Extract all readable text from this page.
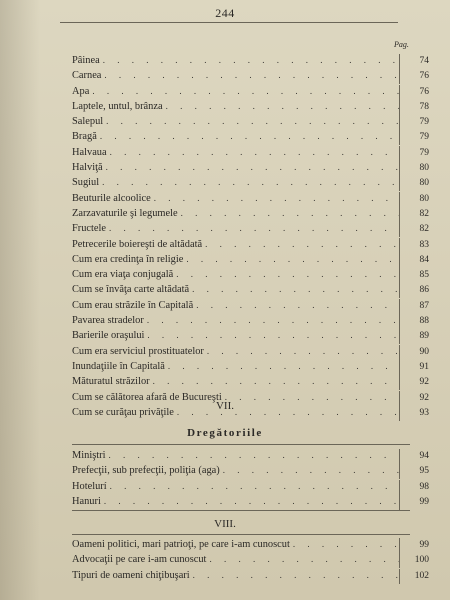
244
Pag.
Pâinea . . .	74
Carnea . . .	76
Apa . . .	76
Laptele, untul, brânza . . .	78
Salepul . . .	79
Bragă . . .	79
Halvaua . . .	79
Halviţă . . .	80
Sugiul . . .	80
Beuturile alcoolice . . .	80
Zarzavaturile şi legumele . . .	82
Fructele . . .	82
Petrecerile boiereşti de altădată . . .	83
Cum era credinţa în religie . . .	84
Cum era viaţa conjugală . . .	85
Cum se învăţa carte altădată . . .	86
Cum erau străzile în Capitală . . .	87
Pavarea stradelor . . .	88
Barierile oraşului . . .	89
Cum era serviciul prostituatelor . . .	90
Inundaţiile în Capitală . . .	91
Măturatul străzilor . . .	92
Cum se călătorea afară de Bucureşti . . .	92
Cum se curăţau privăţile . . .	93
VII.
Dregătoriile
Miniştri . . .	94
Prefecţii, sub prefecţii, poliţia (aga) . . .	95
Hotelurí . . .	98
Hanuri . . .	99
VIII.
Oameni politici, mari patrioţi, pe care i-am cunoscut . . .	99
Advocaţii pe care i-am cunoscut . . .	100
Tipuri de oameni chiţibuşari . . .	102
